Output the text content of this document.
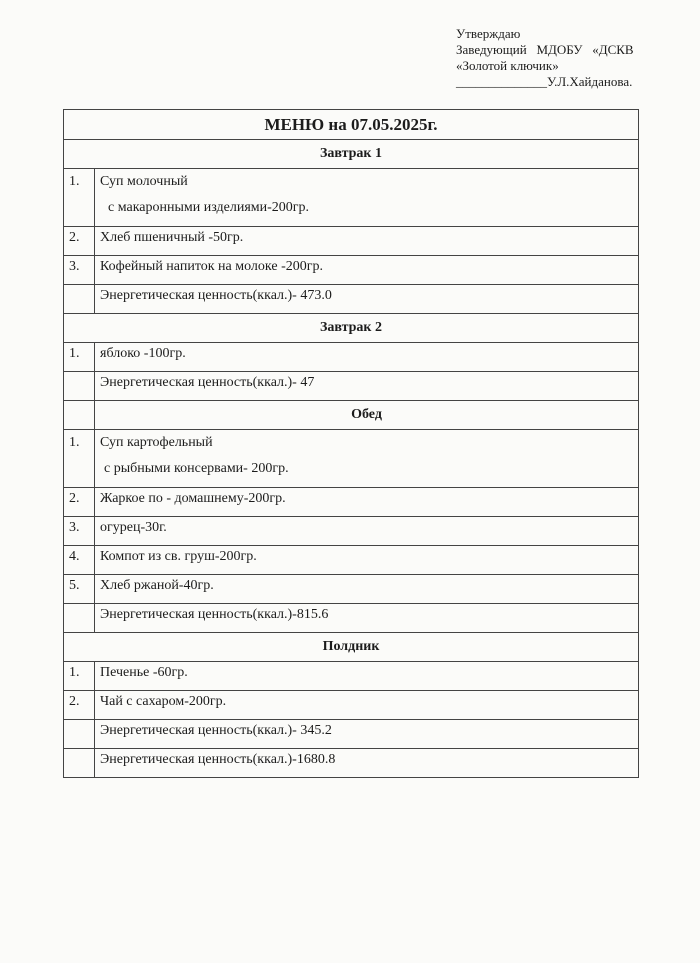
Утверждаю
Заведующий   МДОБУ   «ДСКВ
«Золотой ключик»
______________У.Л.Хайданова.
МЕНЮ на 07.05.2025г.	
Завтрак 1	
1.	Суп молочный
с макаронными изделиями-200гр.

2.	Хлеб пшеничный -50гр.
3.	Кофейный напиток на молоке -200гр.
	Энергетическая ценность(ккал.)- 473.0
Завтрак 2	
1.	яблоко -100гр.
	Энергетическая ценность(ккал.)- 47
	Обед
1.	Суп картофельный
с рыбными консервами- 200гр.

2.	Жаркое по - домашнему-200гр.
3.	огурец-30г.
4.	Компот из св. груш-200гр.
5.	Хлеб ржаной-40гр.
	Энергетическая ценность(ккал.)-815.6
Полдник	
1.	Печенье -60гр.
2.	Чай с сахаром-200гр.
	Энергетическая ценность(ккал.)- 345.2
	Энергетическая ценность(ккал.)-1680.8
